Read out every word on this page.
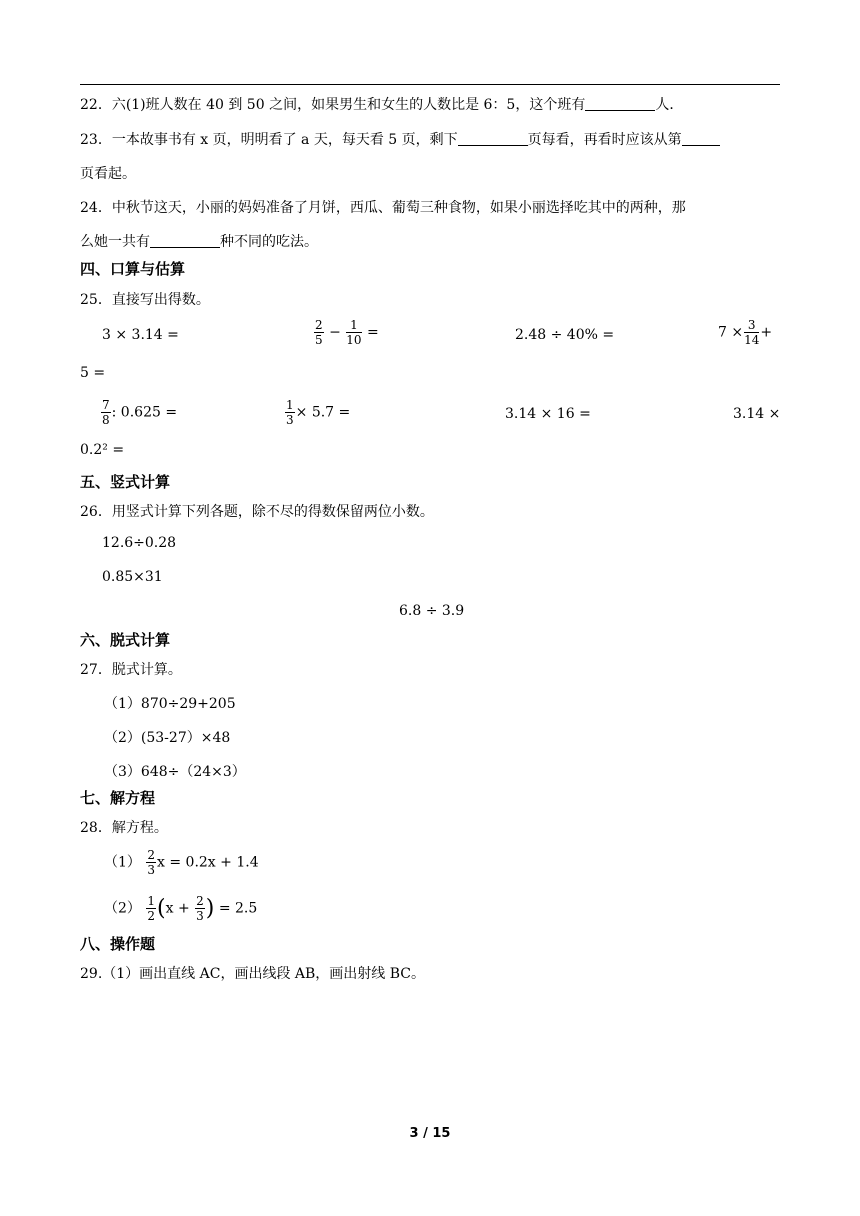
22．六(1)班人数在 40 到 50 之间，如果男生和女生的人数比是 6：5，这个班有	人．
23．一本故事书有 x 页，明明看了 a 天，每天看 5 页，剩下	页每看，再看时应该从第
页看起。
24．中秋节这天，小丽的妈妈准备了月饼，西瓜、葡萄三种食物，如果小丽选择吃其中的两种，那
么她一共有	种不同的吃法。
四、口算与估算
25．直接写出得数。
3 × 3.14 =	$\frac{2}{5} - \frac{1}{10}$ =	2.48 ÷ 40% =	$7 \times \frac{3}{14}$ +
5 =
$\frac{7}{8}$ : 0.625 =	$\frac{1}{3} \times 5.7$ =	3.14 × 16 =	3.14 ×
0.2² =
五、竖式计算
26．用竖式计算下列各题，除不尽的得数保留两位小数。
12.6÷0.28
0.85×31
6.8 ÷ 3.9
六、脱式计算
27．脱式计算。
（1）870÷29+205
（2）(53-27）×48
（3）648÷（24×3）
七、解方程
28．解方程。
$(1) \frac{2}{3}$ x = 0.2x + 1.4
$(2) \frac{1}{2} (x + \frac{2}{3}$ ) = 2.5
八、操作题
29.（1）画出直线 AC，画出线段 AB，画出射线 BC。
3 / 15
